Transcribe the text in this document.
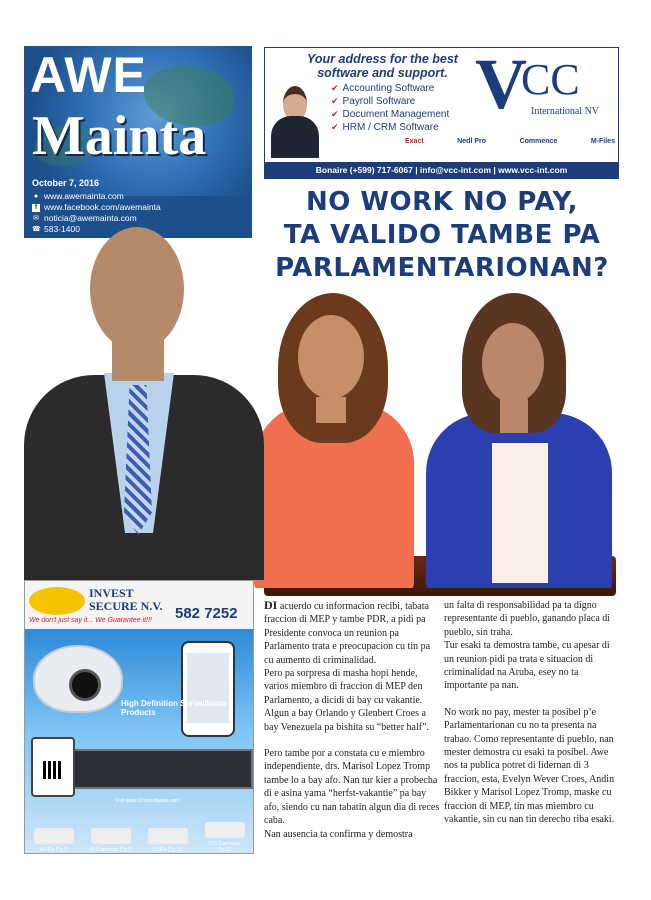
AWE
Mainta
October 7, 2016
● www.awemainta.com
f www.facebook.com/awemainta
✉ noticia@awemainta.com
☎ 583-1400
Your address for the best software and support.
✔ Accounting Software
✔ Payroll Software
✔ Document Management
✔ HRM / CRM Software
V
CC
International NV
Exact	Nedl Pro	Commence	M-Files
Bonaire (+599) 717-6067 | info@vcc-int.com | www.vcc-int.com
NO WORK NO PAY,
TA VALIDO TAMBE PA
PARLAMENTARIONAN?
INVEST
SECURE N.V. 582 7252
We don't just say it... We Guarantee it!!!
High Definition Surveillance Products
Visit www.37securitysite.com
HVRs Pg.2	IP Cameras Pg.9	DVRs Pg.19
TVI Cameras Pg.22

DI acuerdo cu informacion recibi, tabata fraccion di MEP y tambe PDR, a pidi pa Presidente convoca un reunion pa Parlamento trata e preocupacion cu tin pa cu aumento di criminalidad.

Pero pa sorpresa di masha hopi hende, varios miembro di fraccion di MEP den Parlamento, a dicidi di bay cu vakantie. Algun a bay Orlando y Glenbert Croes a bay Venezuela pa bishita su “better half”.

Pero tambe por a constata cu e miembro independiente, drs. Marisol Lopez Tromp tambe lo a bay afo. Nan tur kier a probecha di e asina yama “herfst-vakantie” pa bay afo, siendo cu nan tabatin algun dia di reces caba.

Nan ausencia ta confirma y demostra

un falta di responsabilidad pa ta digno representante di pueblo, ganando placa di pueblo, sin traha.

Tur esaki ta demostra tambe, cu apesar di un reunion pidi pa trata e situacion di criminalidad na Aruba, esey no ta importante pa nan.

No work no pay, mester ta posibel p’e Parlamentarionan cu no ta presenta na trabao. Como representante di pueblo, nan mester demostra cu esaki ta posibel. Awe nos ta publica potret di lidernan di 3 fraccion, esta, Evelyn Wever Croes, Andin Bikker y Marisol Lopez Tromp, maske cu fraccion di MEP, tin mas miembro cu vakantie, sin cu nan tin derecho riba esaki.
